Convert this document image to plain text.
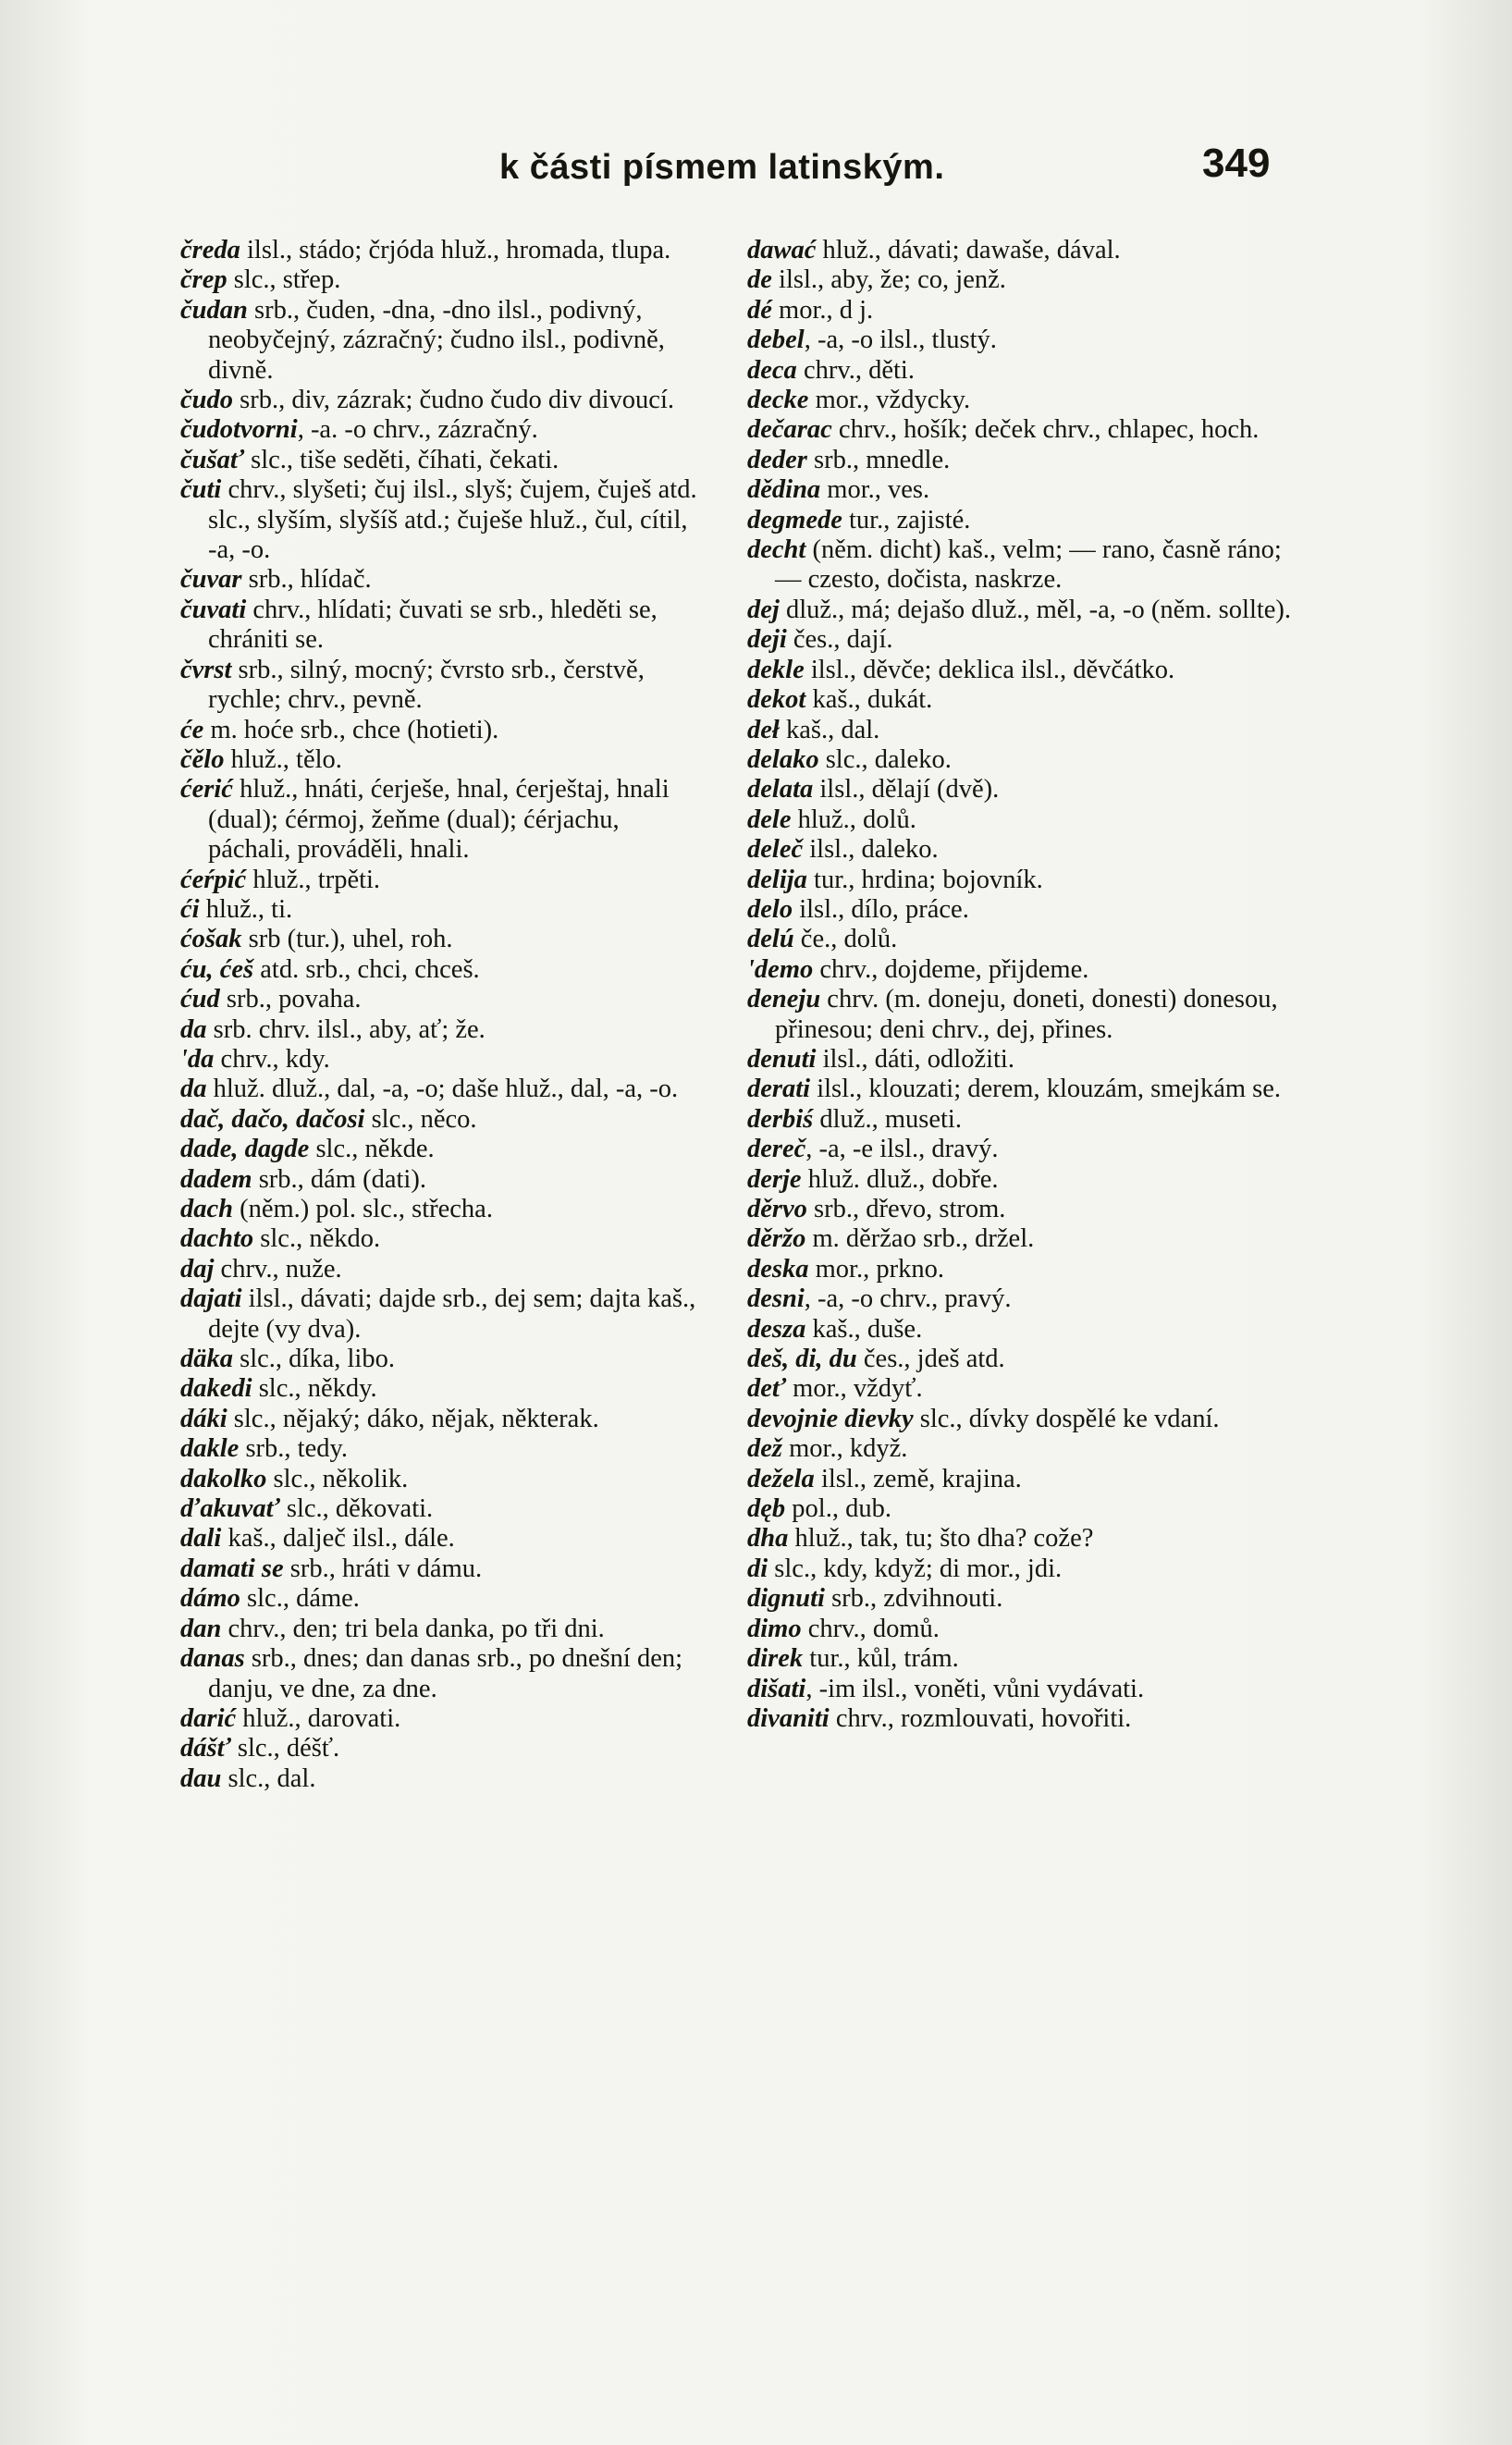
k části písmem latinským.	349

čreda ilsl., stádo; črjóda hluž., hromada, tlupa.

črep slc., střep.

čudan srb., čuden, -dna, -dno ilsl., podivný, neobyčejný, zázračný; čudno ilsl., podivně, divně.

čudo srb., div, zázrak; čudno čudo div divoucí.

čudotvorni, -a. -o chrv., zázračný.

čušať slc., tiše seděti, číhati, čekati.

čuti chrv., slyšeti; čuj ilsl., slyš; čujem, čuješ atd. slc., slyším, slyšíš atd.; čuješe hluž., čul, cítil, -a, -o.

čuvar srb., hlídač.

čuvati chrv., hlídati; čuvati se srb., hleděti se, chrániti se.

čvrst srb., silný, mocný; čvrsto srb., čerstvě, rychle; chrv., pevně.

će m. hoće srb., chce (hotieti).

čělo hluž., tělo.

ćerić hluž., hnáti, ćerješe, hnal, ćerještaj, hnali (dual); ćérmoj, žeňme (dual); ćérjachu, páchali, prováděli, hnali.

ćeŕpić hluž., trpěti.

ći hluž., ti.

ćošak srb (tur.), uhel, roh.

ću, ćeš atd. srb., chci, chceš.

ćud srb., povaha.

da srb. chrv. ilsl., aby, ať; že.

'da chrv., kdy.

da hluž. dluž., dal, -a, -o; daše hluž., dal, -a, -o.

dač, dačo, dačosi slc., něco.

dade, dagde slc., někde.

dadem srb., dám (dati).

dach (něm.) pol. slc., střecha.

dachto slc., někdo.

daj chrv., nuže.

dajati ilsl., dávati; dajde srb., dej sem; dajta kaš., dejte (vy dva).

däka slc., díka, libo.

dakedi slc., někdy.

dáki slc., nějaký; dáko, nějak, některak.

dakle srb., tedy.

dakolko slc., několik.

ďakuvať slc., děkovati.

dali kaš., dalječ ilsl., dále.

damati se srb., hráti v dámu.

dámo slc., dáme.

dan chrv., den; tri bela danka, po tři dni.

danas srb., dnes; dan danas srb., po dnešní den; danju, ve dne, za dne.

darić hluž., darovati.

dášť slc., déšť.

dau slc., dal.

dawać hluž., dávati; dawaše, dával.

de ilsl., aby, že; co, jenž.

dé mor., d j.

debel, -a, -o ilsl., tlustý.

deca chrv., děti.

decke mor., vždycky.

dečarac chrv., hošík; deček chrv., chlapec, hoch.

deder srb., mnedle.

dědina mor., ves.

degmede tur., zajisté.

decht (něm. dicht) kaš., velm; — rano, časně ráno; — czesto, dočista, naskrze.

dej dluž., má; dejašo dluž., měl, -a, -o (něm. sollte).

deji čes., dají.

dekle ilsl., děvče; deklica ilsl., děvčátko.

dekot kaš., dukát.

deł kaš., dal.

delako slc., daleko.

delata ilsl., dělají (dvě).

dele hluž., dolů.

deleč ilsl., daleko.

delija tur., hrdina; bojovník.

delo ilsl., dílo, práce.

delú če., dolů.

'demo chrv., dojdeme, přijdeme.

deneju chrv. (m. doneju, doneti, donesti) donesou, přinesou; deni chrv., dej, přines.

denuti ilsl., dáti, odložiti.

derati ilsl., klouzati; derem, klouzám, smejkám se.

derbiś dluž., museti.

dereč, -a, -e ilsl., dravý.

derje hluž. dluž., dobře.

děrvo srb., dřevo, strom.

děržo m. děržao srb., držel.

deska mor., prkno.

desni, -a, -o chrv., pravý.

desza kaš., duše.

deš, di, du čes., jdeš atd.

deť mor., vždyť.

devojnie dievky slc., dívky dospělé ke vdaní.

dež mor., když.

dežela ilsl., země, krajina.

dęb pol., dub.

dha hluž., tak, tu; što dha? cože?

di slc., kdy, když; di mor., jdi.

dignuti srb., zdvihnouti.

dimo chrv., domů.

direk tur., kůl, trám.

dišati, -im ilsl., voněti, vůni vydávati.

divaniti chrv., rozmlouvati, hovořiti.
